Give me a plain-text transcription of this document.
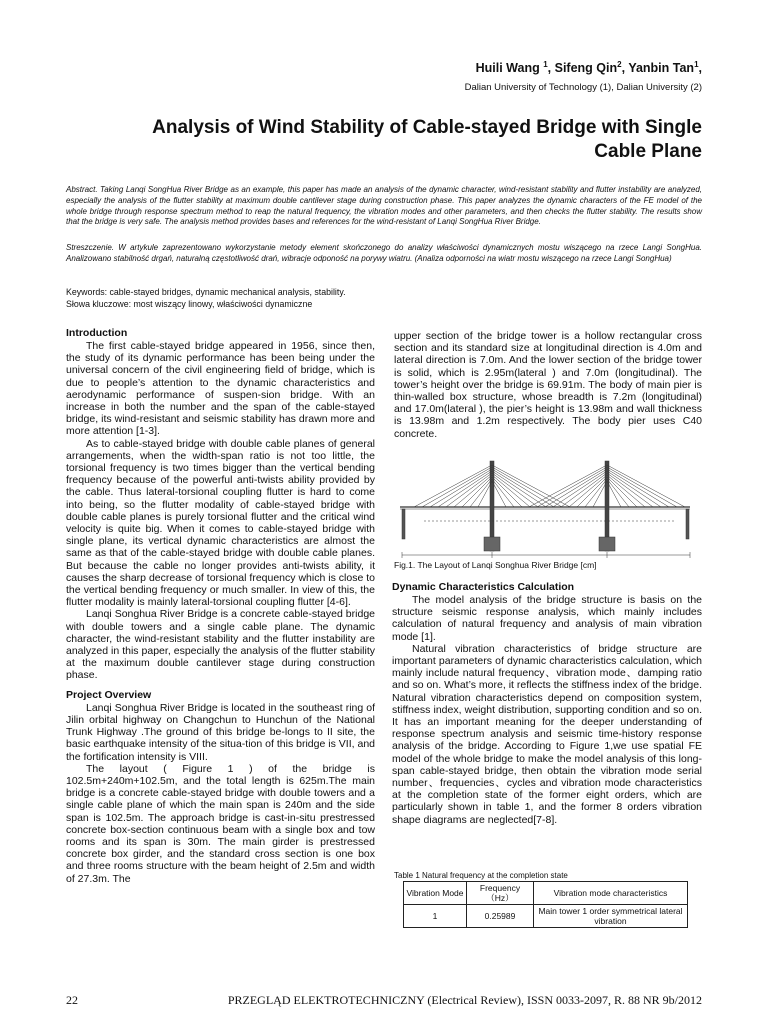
Huili Wang $^1$, Sifeng Qin$^2$, Yanbin Tan$^1$,
Dalian University of Technology (1), Dalian University (2)
Analysis of Wind Stability of Cable-stayed Bridge with Single
Cable Plane
Abstract. Taking Lanqi SongHua River Bridge as an example, this paper has made an analysis of the dynamic character, wind-resistant stability and flutter instability are analyzed, especially the analysis of the flutter stability at maximum double cantilever stage during construction phase. This paper analyzes the dynamic characters of the FE model of the whole bridge through response spectrum method to reap the natural frequency, the vibration modes and other parameters, and then checks the flutter stability. The results show that the bridge is very safe. The analysis method provides bases and references for the wind-resistant of Lanqi SongHua River Bridge.
Streszczenie. W artykule zaprezentowano wykorzystanie metody element skończonego do analizy właściwości dynamicznych mostu wiszącego na rzece Langi SongHua. Analizowano stabilność drgań, naturalną częstotliwość drań, wibracje odponość na porywy wiatru. (Analiza odporności na wiatr mostu wiszącego na rzece Langi SongHua)
Keywords: cable-stayed bridges, dynamic mechanical analysis, stability.
Słowa kluczowe: most wiszący linowy, właściwości dynamiczne
Introduction

The first cable-stayed bridge appeared in 1956, since then, the study of its dynamic performance has been being under the universal concern of the civil engineering field of bridge, which is due to people’s attention to the dynamic characteristics and aerodynamic performance of suspen-sion bridge. With an increase in both the number and the span of the cable-stayed bridge, its wind-resistant and seismic stability has drawn more and more attention [1-3].

As to cable-stayed bridge with double cable planes of general arrangements, when the width-span ratio is not too little, the torsional frequency is two times bigger than the vertical bending frequency because of the powerful anti-twists ability provided by the cable. Thus lateral-torsional coupling flutter is hard to come into being, so the flutter modality of cable-stayed bridge with double cable planes is purely torsional flutter and the critical wind velocity is quite big. When it comes to cable-stayed bridge with single plane, its vertical dynamic characteristics are almost the same as that of the cable-stayed bridge with double cable planes. But because the cable no longer provides anti-twists ability, it causes the sharp decrease of torsional frequency which is close to the vertical bending frequency or much smaller. In view of this, the flutter modality is mainly lateral-torsional coupling flutter [4-6].

Lanqi Songhua River Bridge is a concrete cable-stayed bridge with double towers and a single cable plane. The dynamic character, the wind-resistant stability and the flutter instability are analyzed in this paper, especially the analysis of the flutter stability at the maximum double cantilever stage during construction phase.

Project Overview

Lanqi Songhua River Bridge is located in the southeast ring of Jilin orbital highway on Changchun to Hunchun of the National Trunk Highway .The ground of this bridge be-longs to II site, the basic earthquake intensity of the situa-tion of this bridge is VII, and the fortification intensity is VIII.

The layout ( Figure 1 ) of the bridge is 102.5m+240m+102.5m, and the total length is 625m.The main bridge is a concrete cable-stayed bridge with double towers and a single cable plane of which the main span is 240m and the side span is 102.5m. The approach bridge is cast-in-situ prestressed concrete box-section continuous beam with a single box and tow rooms and its span is 30m. The main girder is prestressed concrete box girder, and the standard cross section is one box and three rooms structure with the beam height of 2.5m and width of 27.3m. The

upper section of the bridge tower is a hollow rectangular cross section and its standard size at longitudinal direction is 4.0m and lateral direction is 7.0m. And the lower section of the bridge tower is solid, which is 2.95m(lateral ) and 7.0m (longitudinal). The tower’s height over the bridge is 69.91m. The body of main pier is thin-walled box structure, whose breadth is 7.2m (longitudinal) and 17.0m(lateral ), the pier’s height is 13.98m and wall thickness is 13.98m and 1.2m respectively. The body pier uses C40 concrete.

Fig.1. The Layout of Lanqi Songhua River Bridge [cm]
Dynamic Characteristics Calculation

The model analysis of the bridge structure is basis on the structure seismic response analysis, which mainly includes calculation of natural frequency and analysis of main vibration mode [1].

Natural vibration characteristics of bridge structure are important parameters of dynamic characteristics calculation, which mainly include natural frequency、vibration mode、damping ratio and so on. What’s more, it reflects the stiffness index of the bridge. Natural vibration characteristics depend on composition system, stiffness index, weight distribution, supporting condition and so on. It has an important meaning for the deeper understanding of response spectrum analysis and seismic time-history response analysis of the bridge. According to Figure 1,we use spatial FE model of the whole bridge to make the model analysis of this long-span cable-stayed bridge, then obtain the vibration mode serial number、frequencies、cycles and vibration mode characteristics at the completion state of the former eight orders, which are particularly shown in table 1, and the former 8 orders vibration shape diagrams are neglected[7-8].

Table 1 Natural frequency at the completion state
Vibration Mode	Frequency （Hz）	Vibration mode characteristics
1	0.25989	Main tower 1 order symmetrical lateral vibration
22	PRZEGLĄD ELEKTROTECHNICZNY (Electrical Review), ISSN 0033-2097, R. 88 NR 9b/2012
